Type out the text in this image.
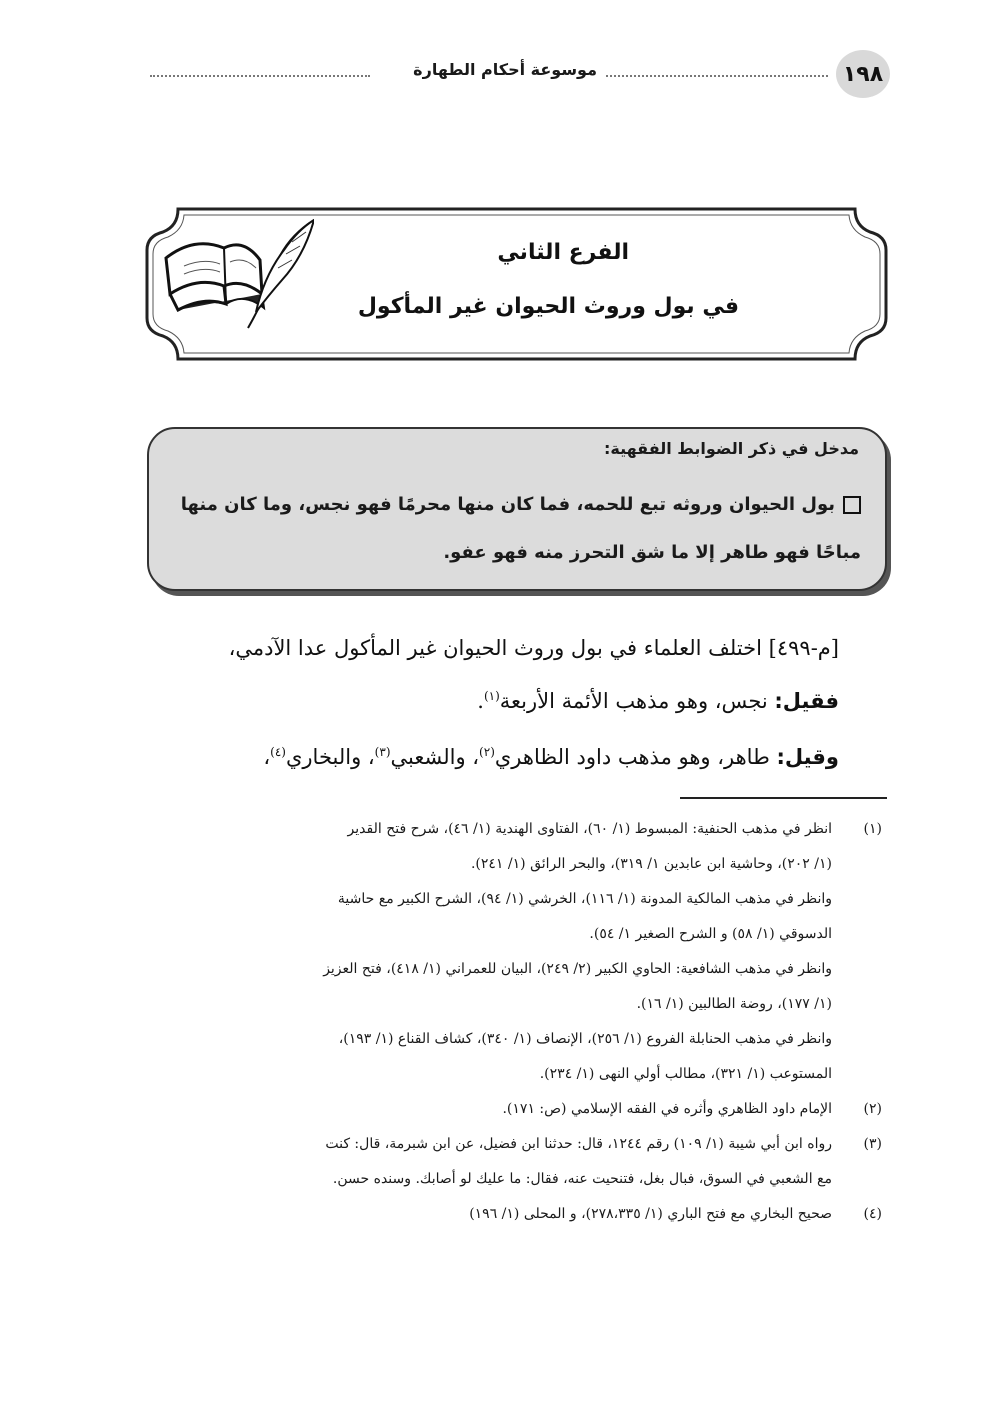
موسوعة أحكام الطهارة	١٩٨
الفرع الثاني
في بول وروث الحيوان غير المأكول
مدخل في ذكر الضوابط الفقهية:
بول الحيوان وروثه تبع للحمه، فما كان منها محرمًا فهو نجس، وما كان منها
مباحًا فهو طاهر إلا ما شق التحرز منه فهو عفو.
[م-٤٩٩] اختلف العلماء في بول وروث الحيوان غير المأكول عدا الآدمي،
فقيل: نجس، وهو مذهب الأئمة الأربعة$^{(١)}$.
وقيل: طاهر، وهو مذهب داود الظاهري$^{(٢)}$، والشعبي$^{(٣)}$، والبخاري$^{(٤)}$،
(١)
انظر في مذهب الحنفية: المبسوط (١/ ٦٠)، الفتاوى الهندية (١/ ٤٦)، شرح فتح القدير
(١/ ٢٠٢)، وحاشية ابن عابدين ١/ ٣١٩)، والبحر الرائق (١/ ٢٤١).
وانظر في مذهب المالكية المدونة (١/ ١١٦)، الخرشي (١/ ٩٤)، الشرح الكبير مع حاشية
الدسوقي (١/ ٥٨) و الشرح الصغير ١/ ٥٤).
وانظر في مذهب الشافعية: الحاوي الكبير (٢/ ٢٤٩)، البيان للعمراني (١/ ٤١٨)، فتح العزيز
(١/ ١٧٧)، روضة الطالبين (١/ ١٦).
وانظر في مذهب الحنابلة الفروع (١/ ٢٥٦)، الإنصاف (١/ ٣٤٠)، كشاف القناع (١/ ١٩٣)،
المستوعب (١/ ٣٢١)، مطالب أولي النهى (١/ ٢٣٤).
(٢)
الإمام داود الظاهري وأثره في الفقه الإسلامي (ص: ١٧١).
(٣)
رواه ابن أبي شيبة (١/ ١٠٩) رقم ١٢٤٤، قال: حدثنا ابن فضيل، عن ابن شبرمة، قال: كنت
مع الشعبي في السوق، فبال بغل، فتنحيت عنه، فقال: ما عليك لو أصابك. وسنده حسن.
(٤)
صحيح البخاري مع فتح الباري (١/ ٢٧٨،٣٣٥)، و المحلى (١/ ١٩٦)
